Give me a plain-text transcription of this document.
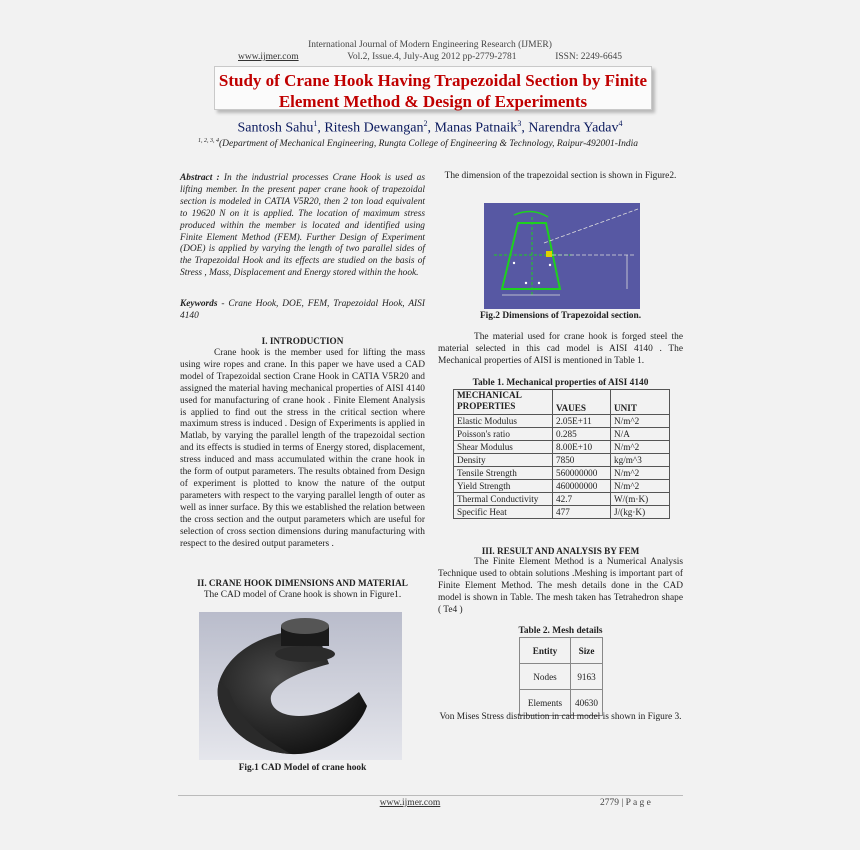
International Journal of Modern Engineering Research (IJMER)
www.ijmer.com	Vol.2, Issue.4, July-Aug 2012 pp-2779-2781	ISSN: 2249-6645
Study of Crane Hook Having Trapezoidal Section by Finite
Element Method & Design of Experiments
Santosh Sahu$^1$, Ritesh Dewangan$^2$, Manas Patnaik$^3$, Narendra Yadav$^4$
$^{1, 2, 3, 4}$(Department of Mechanical Engineering, Rungta College of Engineering & Technology, Raipur-492001-India
Abstract : In the industrial processes Crane Hook is used as lifting member. In the present paper crane hook of trapezoidal section is modeled in CATIA V5R20, then 2 ton load equivalent to 19620 N on it is applied. The location of maximum stress produced within the member is located and identified using Finite Element Method (FEM). Further Design of Experiment (DOE) is applied by varying the length of two parallel sides of the Trapezoidal Hook and its effects are studied on the basis of Stress , Mass, Displacement and Energy stored within the hook.
Keywords - Crane Hook, DOE, FEM, Trapezoidal Hook, AISI 4140
I. INTRODUCTION
Crane hook is the member used for lifting the mass using wire ropes and crane. In this paper we have used a CAD model of Trapezoidal section Crane Hook in CATIA V5R20 and assigned the material having mechanical properties of AISI 4140 used for manufacturing of crane hook . Finite Element Analysis is applied to find out the stress in the critical section where maximum stress is induced . Design of Experiments is applied in Matlab, by varying the parallel length of the trapezoidal section and its effects is studied in terms of Energy stored, displacement, stress induced and mass accumulated within the crane hook in the form of output parameters. The results obtained from Design of experiment is plotted to know the nature of the output parameters with respect to the varying parallel length of outer as well as inner surface. By this we established the relation between the cross section and the output parameters which are useful for selection of cross section dimensions during manufacturing with respect to the desired output parameters .
II. CRANE HOOK DIMENSIONS AND MATERIAL
The CAD model of Crane hook is shown in Figure1.
Fig.1 CAD Model of crane hook
The dimension of the trapezoidal section is shown in Figure2.
Fig.2 Dimensions of Trapezoidal section.
The material used for crane hook is forged steel the material selected in this cad model is AISI 4140 . The Mechanical properties of AISI is mentioned in Table 1.
Table 1. Mechanical properties of AISI 4140
MECHANICAL PROPERTIES	VAUES	UNIT
Elastic Modulus	2.05E+11	N/m^2
Poisson's ratio	0.285	N/A
Shear Modulus	8.00E+10	N/m^2
Density	7850	kg/m^3
Tensile Strength	560000000	N/m^2
Yield Strength	460000000	N/m^2
Thermal Conductivity	42.7	W/(m·K)
Specific Heat	477	J/(kg·K)
III. RESULT AND ANALYSIS BY FEM
The Finite Element Method is a Numerical Analysis Technique used to obtain solutions .Meshing is important part of Finite Element Method. The mesh details done in the CAD model is shown in Table. The mesh taken has Tetrahedron shape ( Te4 )
Table 2. Mesh details
Entity	Size
Nodes	9163
Elements	40630
Von Mises Stress distribution in cad model is shown in Figure 3.
www.ijmer.com	2779 | P a g e
